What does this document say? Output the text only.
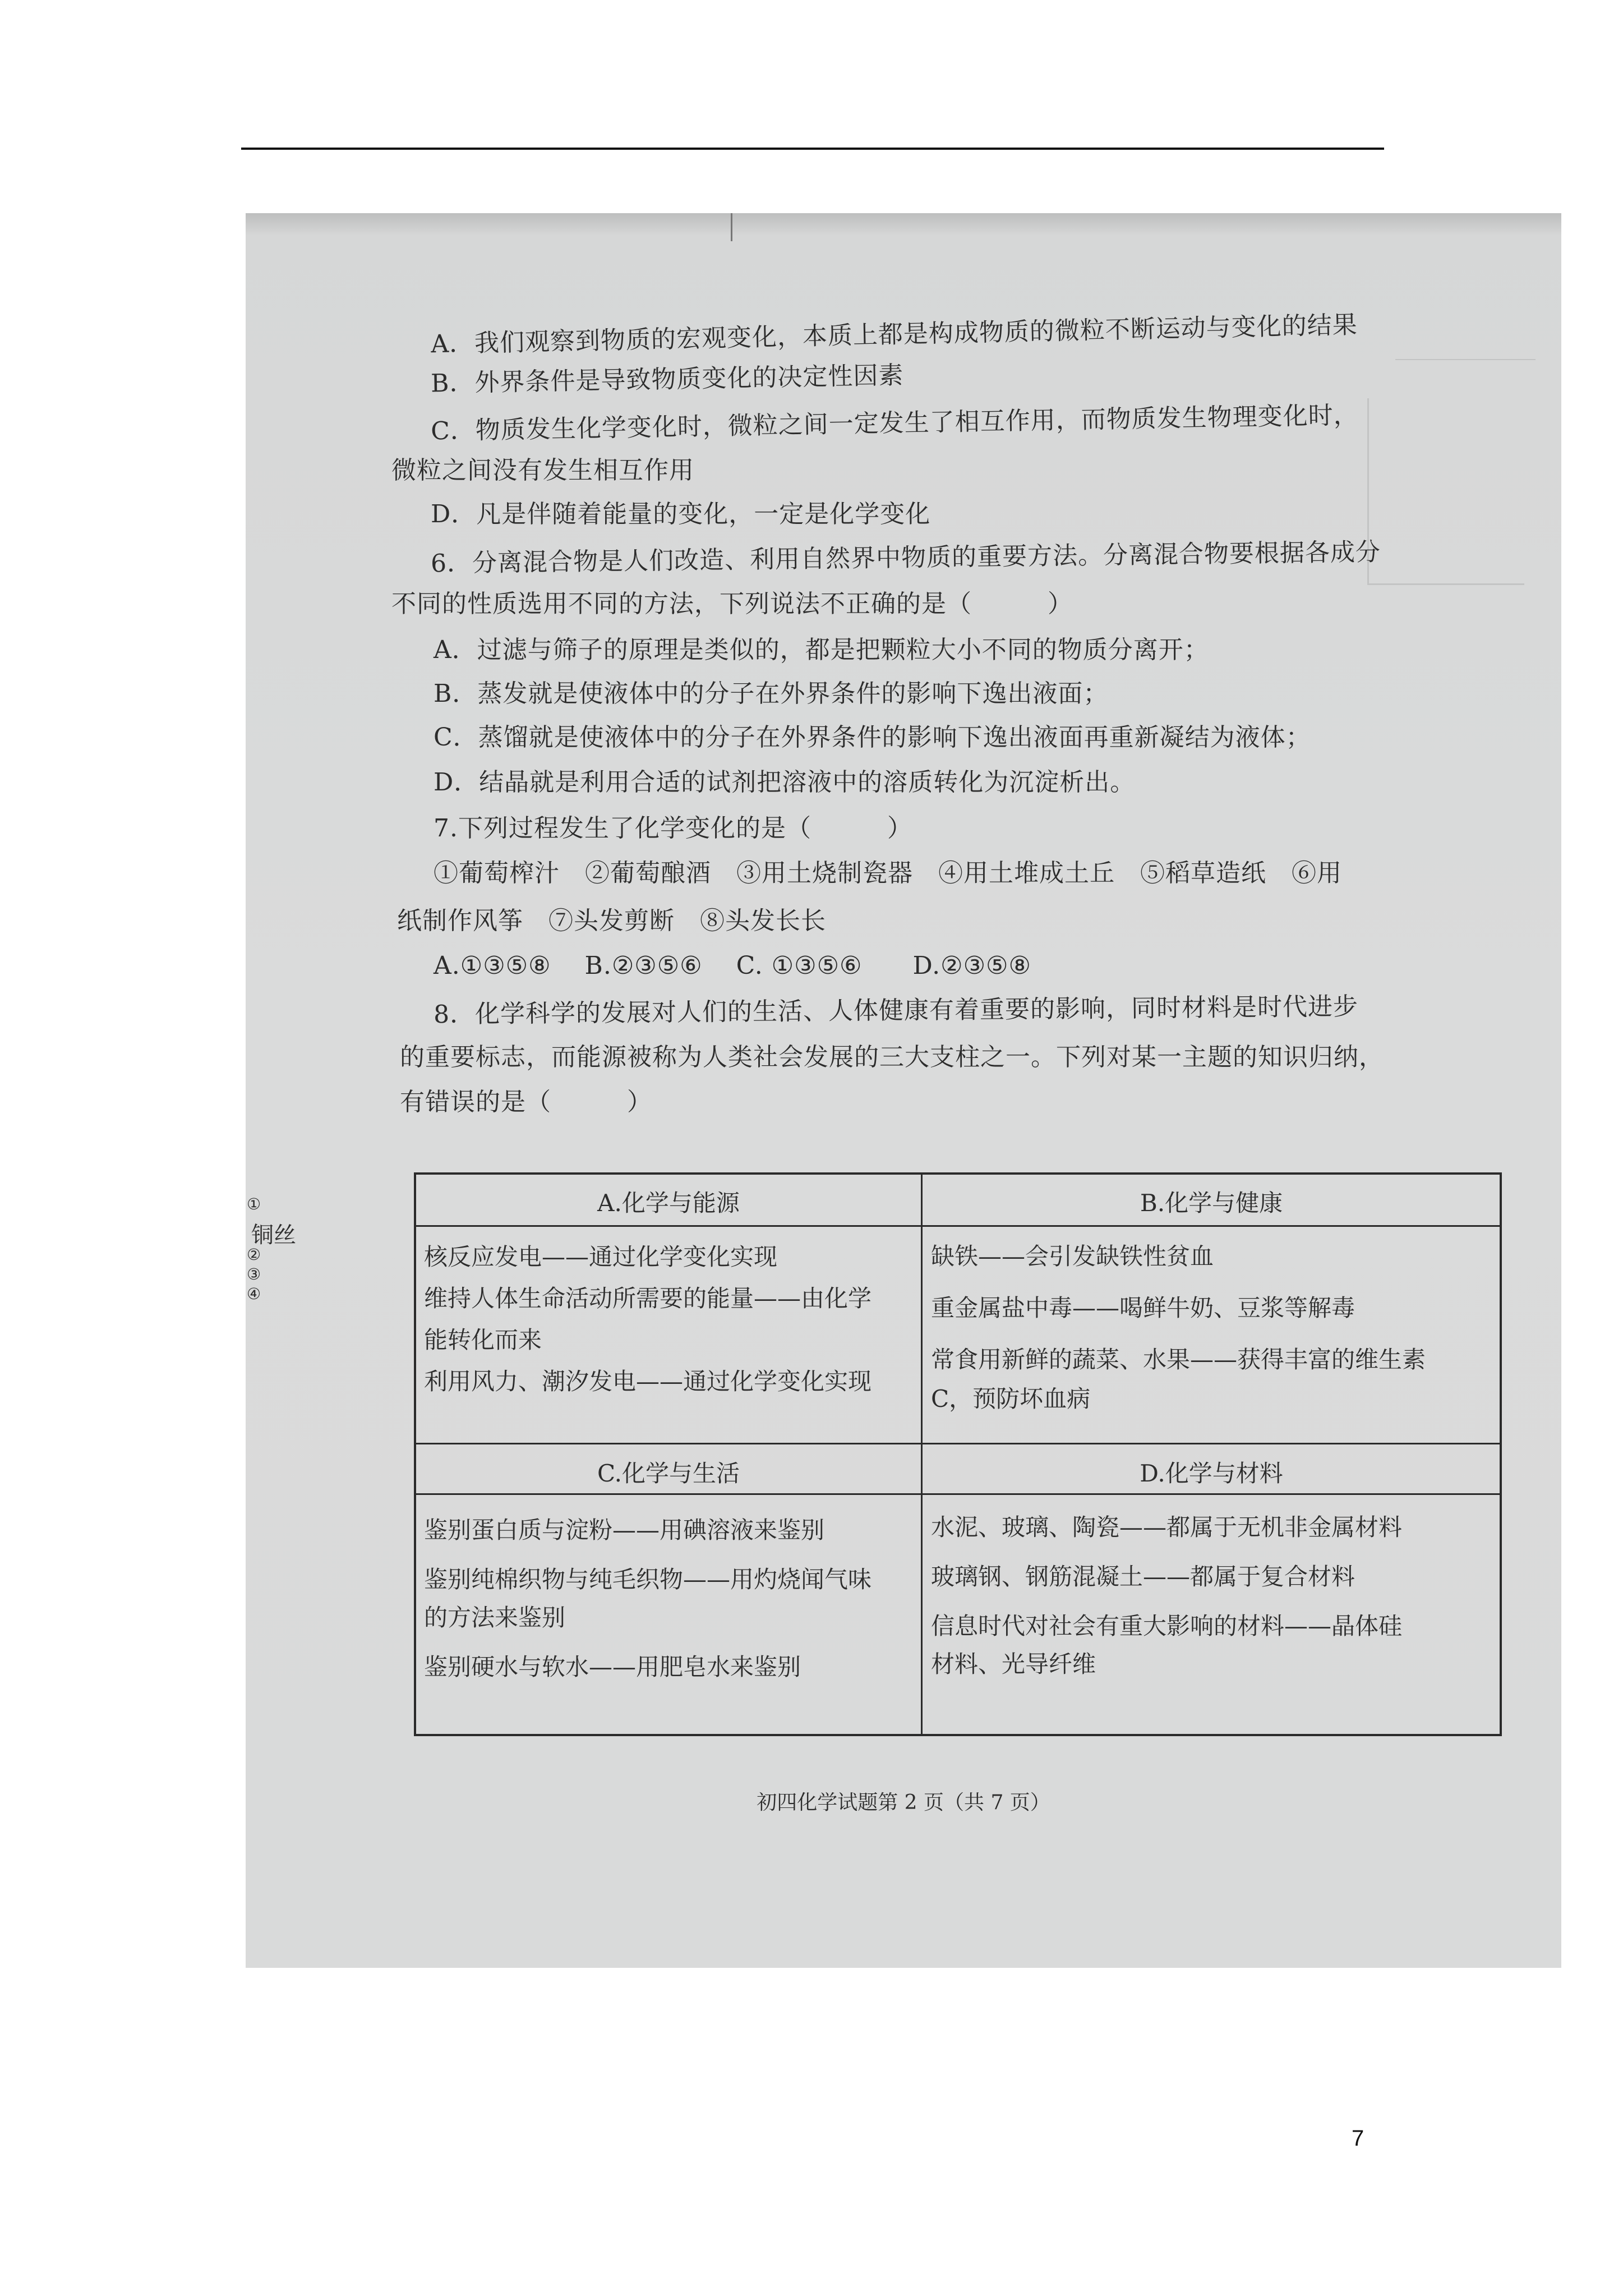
A．我们观察到物质的宏观变化，本质上都是构成物质的微粒不断运动与变化的结果
B．外界条件是导致物质变化的决定性因素
C．物质发生化学变化时，微粒之间一定发生了相互作用，而物质发生物理变化时，
微粒之间没有发生相互作用
D．凡是伴随着能量的变化，一定是化学变化
6．分离混合物是人们改造、利用自然界中物质的重要方法。分离混合物要根据各成分
不同的性质选用不同的方法，下列说法不正确的是（　　　）
A．过滤与筛子的原理是类似的，都是把颗粒大小不同的物质分离开；
B．蒸发就是使液体中的分子在外界条件的影响下逸出液面；
C．蒸馏就是使液体中的分子在外界条件的影响下逸出液面再重新凝结为液体；
D．结晶就是利用合适的试剂把溶液中的溶质转化为沉淀析出。
7.下列过程发生了化学变化的是（　　　）
①葡萄榨汁　②葡萄酿酒　③用土烧制瓷器　④用土堆成土丘　⑤稻草造纸　⑥用
纸制作风筝　⑦头发剪断　⑧头发长长
A.①③⑤⑧　 B.②③⑤⑥　 C. ①③⑤⑥　　D.②③⑤⑧
8．化学科学的发展对人们的生活、人体健康有着重要的影响，同时材料是时代进步
的重要标志，而能源被称为人类社会发展的三大支柱之一。下列对某一主题的知识归纳，
有错误的是（　　　）
铜丝
①
②
③
④
A.化学与能源	B.化学与健康
C.化学与生活	D.化学与材料
核反应发电——通过化学变化实现
维持人体生命活动所需要的能量——由化学
能转化而来
利用风力、潮汐发电——通过化学变化实现
缺铁——会引发缺铁性贫血
重金属盐中毒——喝鲜牛奶、豆浆等解毒
常食用新鲜的蔬菜、水果——获得丰富的维生素
C，预防坏血病
鉴别蛋白质与淀粉——用碘溶液来鉴别
鉴别纯棉织物与纯毛织物——用灼烧闻气味
的方法来鉴别
鉴别硬水与软水——用肥皂水来鉴别
水泥、玻璃、陶瓷——都属于无机非金属材料
玻璃钢、钢筋混凝土——都属于复合材料
信息时代对社会有重大影响的材料——晶体硅
材料、光导纤维
初四化学试题第 2 页（共 7 页）
7
